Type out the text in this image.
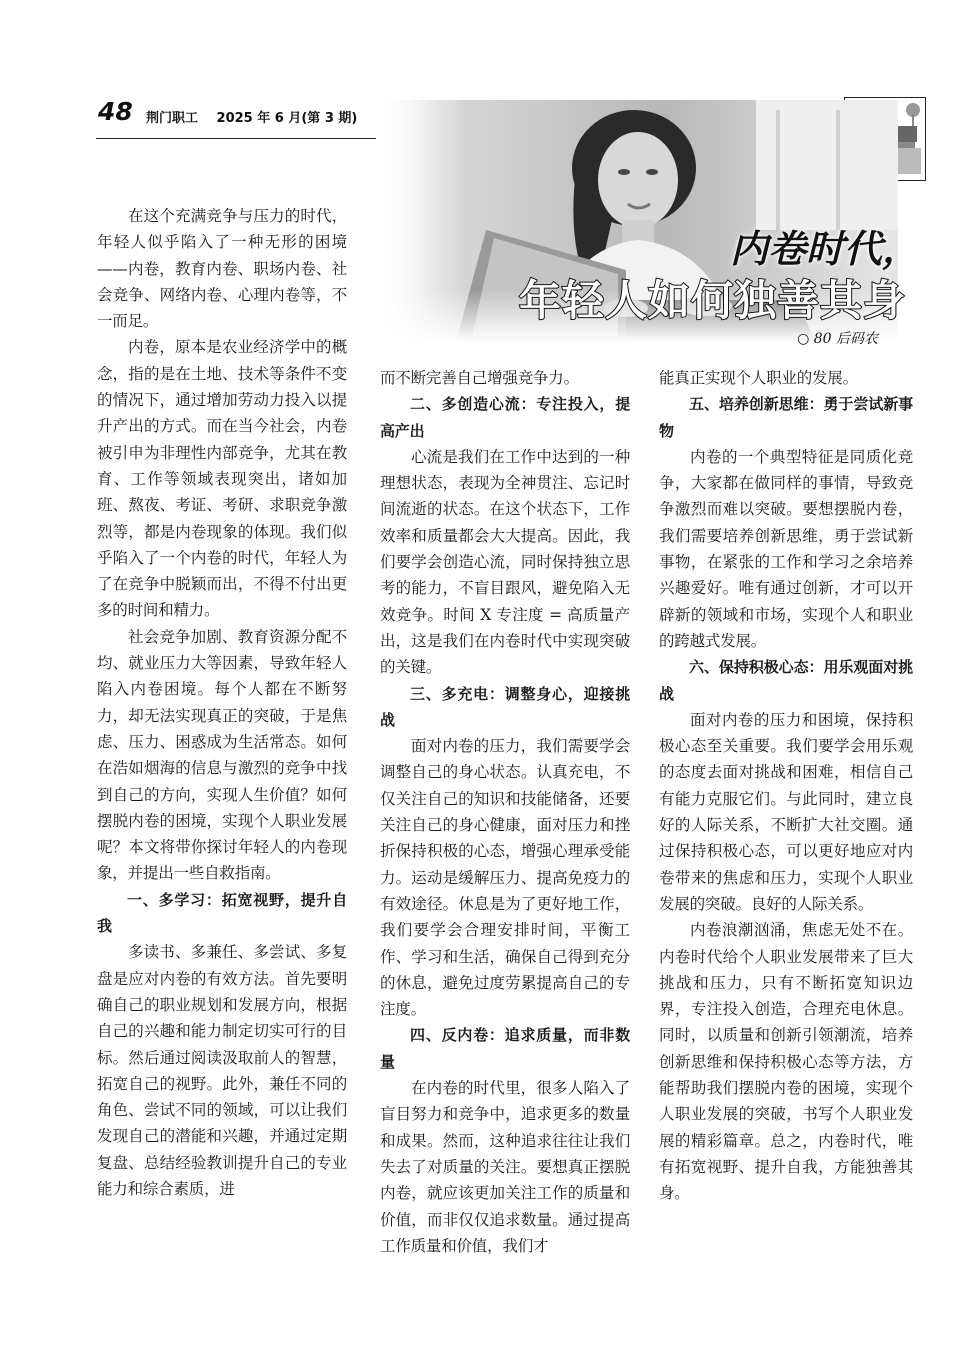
48 荆门职工 2025 年 6 月(第 3 期)
内卷时代，
年轻人如何独善其身
○ 80 后码农

在这个充满竞争与压力的时代，年轻人似乎陷入了一种无形的困境——内卷，教育内卷、职场内卷、社会竞争、网络内卷、心理内卷等，不一而足。

内卷，原本是农业经济学中的概念，指的是在土地、技术等条件不变的情况下，通过增加劳动力投入以提升产出的方式。而在当今社会，内卷被引申为非理性内部竞争，尤其在教育、工作等领域表现突出，诸如加班、熬夜、考证、考研、求职竞争激烈等，都是内卷现象的体现。我们似乎陷入了一个内卷的时代，年轻人为了在竞争中脱颖而出，不得不付出更多的时间和精力。

社会竞争加剧、教育资源分配不均、就业压力大等因素，导致年轻人陷入内卷困境。每个人都在不断努力，却无法实现真正的突破，于是焦虑、压力、困惑成为生活常态。如何在浩如烟海的信息与激烈的竞争中找到自己的方向，实现人生价值？如何摆脱内卷的困境，实现个人职业发展呢？本文将带你探讨年轻人的内卷现象，并提出一些自救指南。

一、多学习：拓宽视野，提升自我

多读书、多兼任、多尝试、多复盘是应对内卷的有效方法。首先要明确自己的职业规划和发展方向，根据自己的兴趣和能力制定切实可行的目标。然后通过阅读汲取前人的智慧，拓宽自己的视野。此外，兼任不同的角色、尝试不同的领域，可以让我们发现自己的潜能和兴趣，并通过定期复盘、总结经验教训提升自己的专业能力和综合素质，进

而不断完善自己增强竞争力。

二、多创造心流：专注投入，提高产出

心流是我们在工作中达到的一种理想状态，表现为全神贯注、忘记时间流逝的状态。在这个状态下，工作效率和质量都会大大提高。因此，我们要学会创造心流，同时保持独立思考的能力，不盲目跟风，避免陷入无效竞争。时间 X 专注度 = 高质量产出，这是我们在内卷时代中实现突破的关键。

三、多充电：调整身心，迎接挑战

面对内卷的压力，我们需要学会调整自己的身心状态。认真充电，不仅关注自己的知识和技能储备，还要关注自己的身心健康，面对压力和挫折保持积极的心态，增强心理承受能力。运动是缓解压力、提高免疫力的有效途径。休息是为了更好地工作，我们要学会合理安排时间，平衡工作、学习和生活，确保自己得到充分的休息，避免过度劳累提高自己的专注度。

四、反内卷：追求质量，而非数量

在内卷的时代里，很多人陷入了盲目努力和竞争中，追求更多的数量和成果。然而，这种追求往往让我们失去了对质量的关注。要想真正摆脱内卷，就应该更加关注工作的质量和价值，而非仅仅追求数量。通过提高工作质量和价值，我们才

能真正实现个人职业的发展。

五、培养创新思维：勇于尝试新事物

内卷的一个典型特征是同质化竞争，大家都在做同样的事情，导致竞争激烈而难以突破。要想摆脱内卷，我们需要培养创新思维，勇于尝试新事物，在紧张的工作和学习之余培养兴趣爱好。唯有通过创新，才可以开辟新的领域和市场，实现个人和职业的跨越式发展。

六、保持积极心态：用乐观面对挑战

面对内卷的压力和困境，保持积极心态至关重要。我们要学会用乐观的态度去面对挑战和困难，相信自己有能力克服它们。与此同时，建立良好的人际关系，不断扩大社交圈。通过保持积极心态，可以更好地应对内卷带来的焦虑和压力，实现个人职业发展的突破。良好的人际关系。

内卷浪潮汹涌，焦虑无处不在。内卷时代给个人职业发展带来了巨大挑战和压力，只有不断拓宽知识边界，专注投入创造，合理充电休息。同时，以质量和创新引领潮流，培养创新思维和保持积极心态等方法，方能帮助我们摆脱内卷的困境，实现个人职业发展的突破，书写个人职业发展的精彩篇章。总之，内卷时代，唯有拓宽视野、提升自我，方能独善其身。
